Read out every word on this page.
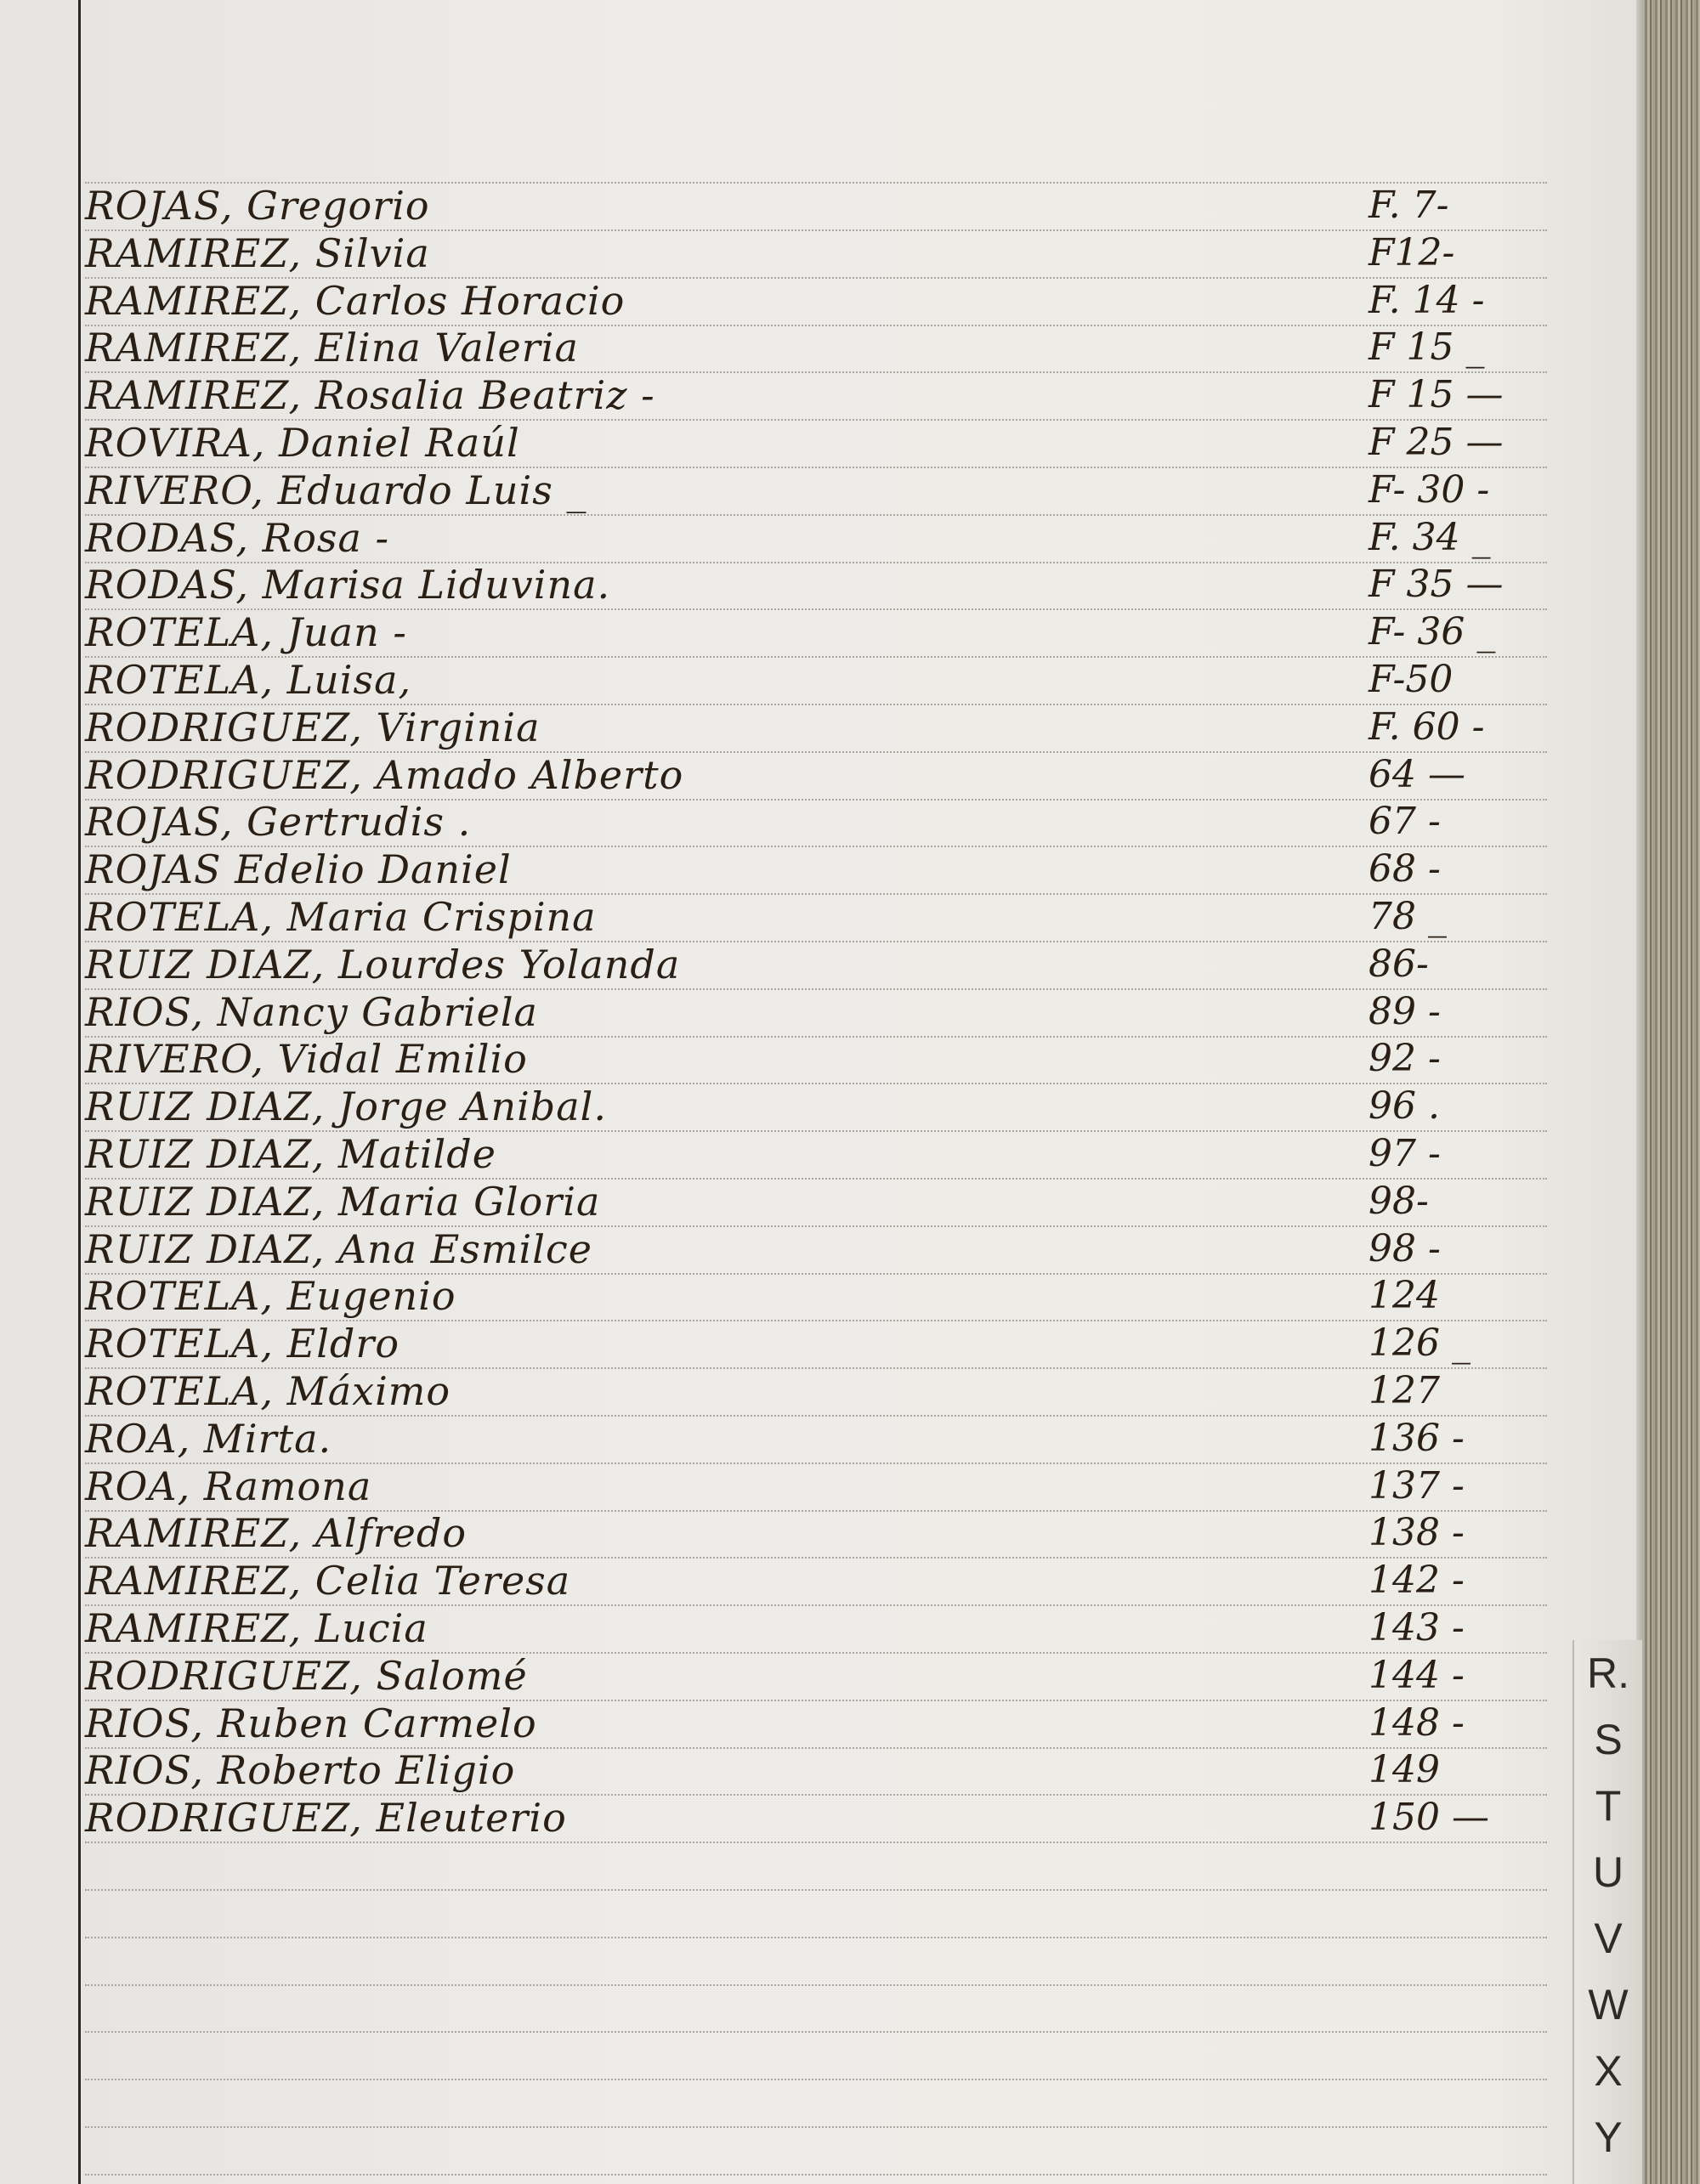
ROJAS, Gregorio	F. 7-
RAMIREZ, Silvia	F12-
RAMIREZ, Carlos Horacio	F. 14 -
RAMIREZ, Elina Valeria	F 15 _
RAMIREZ, Rosalia Beatriz -	F 15 —
ROVIRA, Daniel Raúl	F 25 —
RIVERO, Eduardo Luis _	F- 30 -
RODAS, Rosa -	F. 34 _
RODAS, Marisa Liduvina.	F 35 —
ROTELA, Juan -	F- 36 _
ROTELA, Luisa,	F-50
RODRIGUEZ, Virginia	F. 60 -
RODRIGUEZ, Amado Alberto	64 —
ROJAS, Gertrudis .	67 -
ROJAS Edelio Daniel	68 -
ROTELA, Maria Crispina	78 _
RUIZ DIAZ, Lourdes Yolanda	86-
RIOS, Nancy Gabriela	89 -
RIVERO, Vidal Emilio	92 -
RUIZ DIAZ, Jorge Anibal.	96 .
RUIZ DIAZ, Matilde	97 -
RUIZ DIAZ, Maria Gloria	98-
RUIZ DIAZ, Ana Esmilce	98 -
ROTELA, Eugenio	124
ROTELA, Eldro	126 _
ROTELA, Máximo	127
ROA, Mirta.	136 -
ROA, Ramona	137 -
RAMIREZ, Alfredo	138 -
RAMIREZ, Celia Teresa	142 -
RAMIREZ, Lucia	143 -
RODRIGUEZ, Salomé	144 -
RIOS, Ruben Carmelo	148 -
RIOS, Roberto Eligio	149
RODRIGUEZ, Eleuterio	150 —
R.
S
T
U
V
W
X
Y
